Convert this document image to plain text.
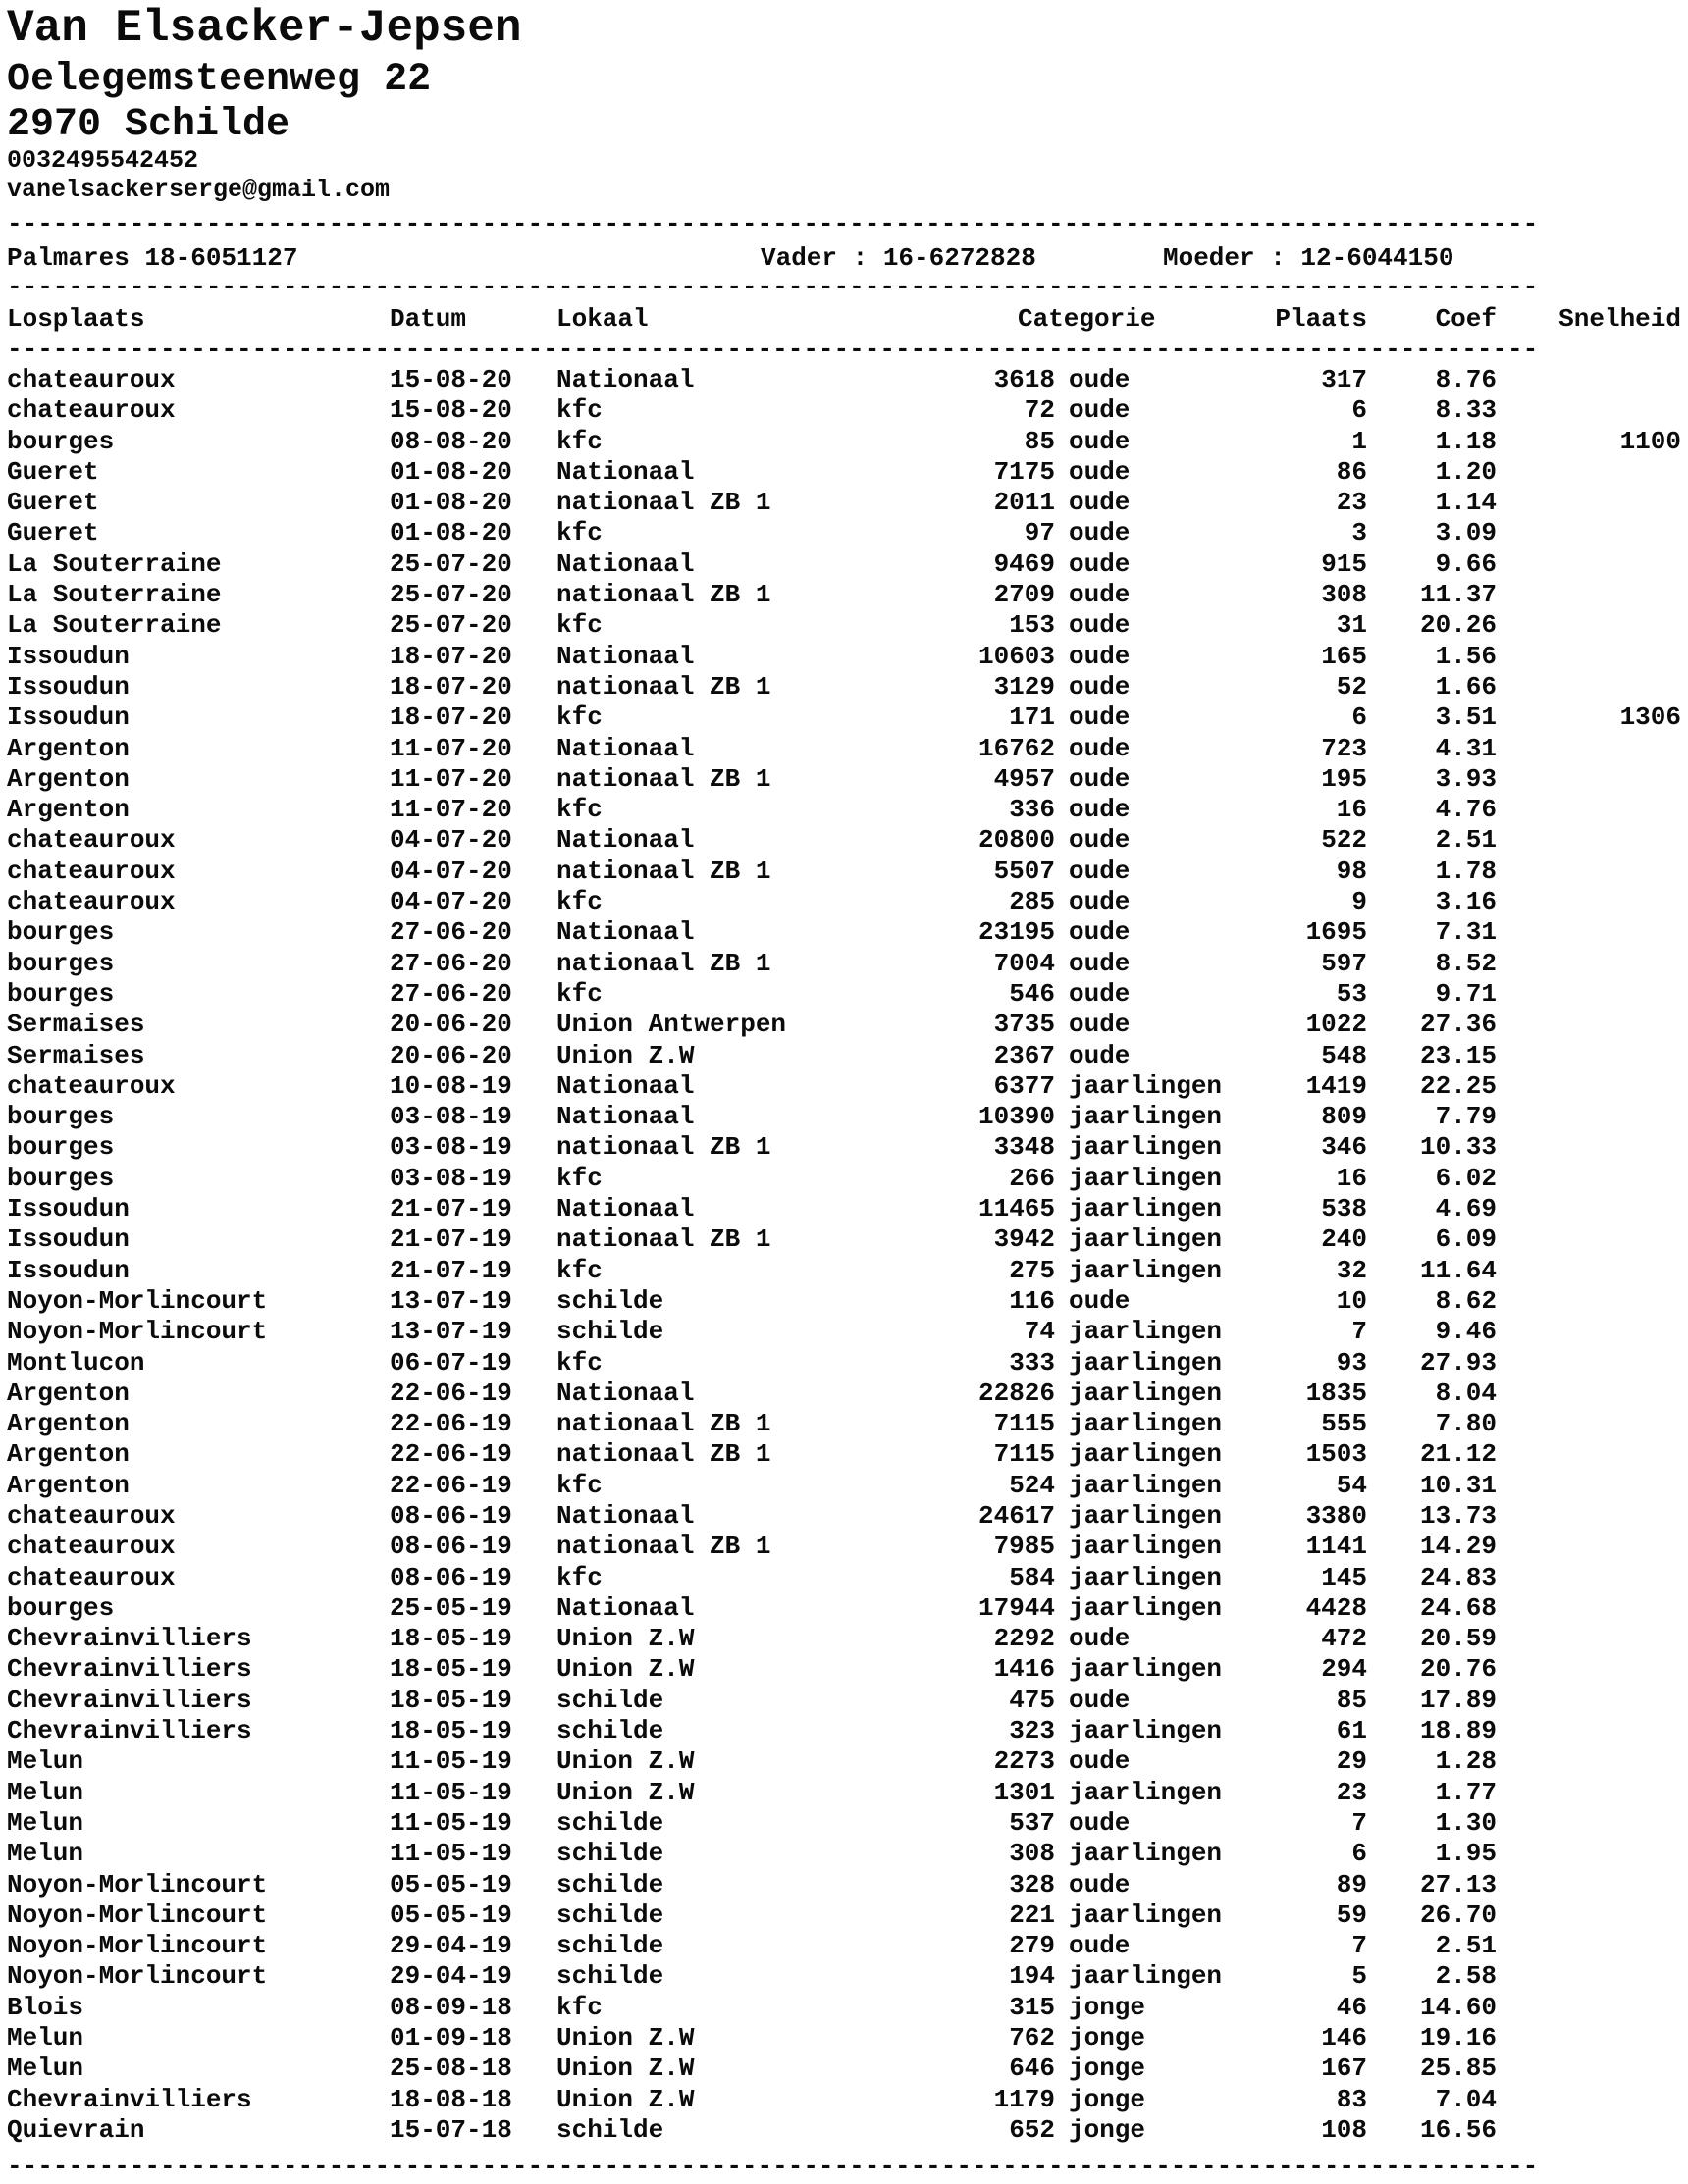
Van Elsacker-Jepsen
Oelegemsteenweg 22
2970 Schilde
0032495542452
vanelsackerserge@gmail.com
----------------------------------------------------------------------------------------------------
Palmares 18-6051127	Vader : 16-6272828	Moeder : 12-6044150
----------------------------------------------------------------------------------------------------
Losplaats	Datum	Lokaal	Categorie	Plaats	Coef Snelheid
----------------------------------------------------------------------------------------------------
chateauroux	15-08-20 Nationaal	3618 oude	317	8.76
chateauroux	15-08-20 kfc	72 oude	6	8.33
bourges	08-08-20 kfc	85 oude	1	1.18	1100
Gueret	01-08-20 Nationaal	7175 oude	86	1.20
Gueret	01-08-20 nationaal ZB 1	2011 oude	23	1.14
Gueret	01-08-20 kfc	97 oude	3	3.09
La Souterraine	25-07-20 Nationaal	9469 oude	915	9.66
La Souterraine	25-07-20 nationaal ZB 1	2709 oude	308 11.37
La Souterraine	25-07-20 kfc	153 oude	31 20.26
Issoudun	18-07-20 Nationaal	10603 oude	165	1.56
Issoudun	18-07-20 nationaal ZB 1	3129 oude	52	1.66
Issoudun	18-07-20 kfc	171 oude	6	3.51	1306
Argenton	11-07-20 Nationaal	16762 oude	723	4.31
Argenton	11-07-20 nationaal ZB 1	4957 oude	195	3.93
Argenton	11-07-20 kfc	336 oude	16	4.76
chateauroux	04-07-20 Nationaal	20800 oude	522	2.51
chateauroux	04-07-20 nationaal ZB 1	5507 oude	98	1.78
chateauroux	04-07-20 kfc	285 oude	9	3.16
bourges	27-06-20 Nationaal	23195 oude	1695	7.31
bourges	27-06-20 nationaal ZB 1	7004 oude	597	8.52
bourges	27-06-20 kfc	546 oude	53	9.71
Sermaises	20-06-20 Union Antwerpen	3735 oude	1022 27.36
Sermaises	20-06-20 Union Z.W	2367 oude	548 23.15
chateauroux	10-08-19 Nationaal	6377 jaarlingen	1419 22.25
bourges	03-08-19 Nationaal	10390 jaarlingen	809	7.79
bourges	03-08-19 nationaal ZB 1	3348 jaarlingen	346 10.33
bourges	03-08-19 kfc	266 jaarlingen	16	6.02
Issoudun	21-07-19 Nationaal	11465 jaarlingen	538	4.69
Issoudun	21-07-19 nationaal ZB 1	3942 jaarlingen	240	6.09
Issoudun	21-07-19 kfc	275 jaarlingen	32 11.64
Noyon-Morlincourt	13-07-19 schilde	116 oude	10	8.62
Noyon-Morlincourt	13-07-19 schilde	74 jaarlingen	7	9.46
Montlucon	06-07-19 kfc	333 jaarlingen	93 27.93
Argenton	22-06-19 Nationaal	22826 jaarlingen	1835	8.04
Argenton	22-06-19 nationaal ZB 1	7115 jaarlingen	555	7.80
Argenton	22-06-19 nationaal ZB 1	7115 jaarlingen	1503 21.12
Argenton	22-06-19 kfc	524 jaarlingen	54 10.31
chateauroux	08-06-19 Nationaal	24617 jaarlingen	3380 13.73
chateauroux	08-06-19 nationaal ZB 1	7985 jaarlingen	1141 14.29
chateauroux	08-06-19 kfc	584 jaarlingen	145 24.83
bourges	25-05-19 Nationaal	17944 jaarlingen	4428 24.68
Chevrainvilliers	18-05-19 Union Z.W	2292 oude	472 20.59
Chevrainvilliers	18-05-19 Union Z.W	1416 jaarlingen	294 20.76
Chevrainvilliers	18-05-19 schilde	475 oude	85 17.89
Chevrainvilliers	18-05-19 schilde	323 jaarlingen	61 18.89
Melun	11-05-19 Union Z.W	2273 oude	29	1.28
Melun	11-05-19 Union Z.W	1301 jaarlingen	23	1.77
Melun	11-05-19 schilde	537 oude	7	1.30
Melun	11-05-19 schilde	308 jaarlingen	6	1.95
Noyon-Morlincourt	05-05-19 schilde	328 oude	89 27.13
Noyon-Morlincourt	05-05-19 schilde	221 jaarlingen	59 26.70
Noyon-Morlincourt	29-04-19 schilde	279 oude	7	2.51
Noyon-Morlincourt	29-04-19 schilde	194 jaarlingen	5	2.58
Blois	08-09-18 kfc	315 jonge	46 14.60
Melun	01-09-18 Union Z.W	762 jonge	146 19.16
Melun	25-08-18 Union Z.W	646 jonge	167 25.85
Chevrainvilliers	18-08-18 Union Z.W	1179 jonge	83	7.04
Quievrain	15-07-18 schilde	652 jonge	108 16.56
----------------------------------------------------------------------------------------------------
